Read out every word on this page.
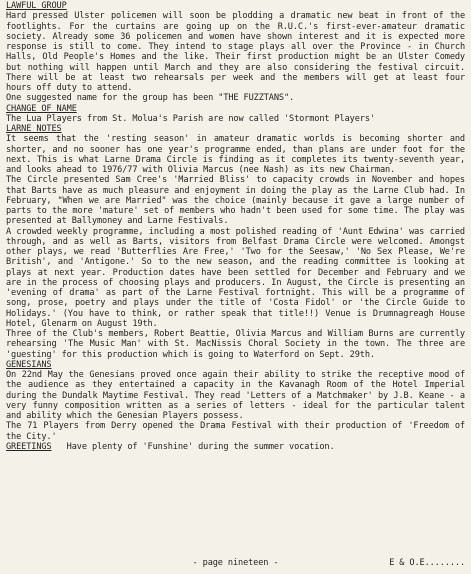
LAWFUL GROUP

Hard pressed Ulster policemen will soon be plodding a dramatic new beat in front of the footlights. For the curtains are going up on the R.U.C.'s first-ever-amateur dramatic society. Already some 36 policemen and women have shown interest and it is expected more response is still to come. They intend to stage plays all over the Province - in Church Halls, Old People's Homes and the like. Their first production might be an Ulster Comedy but nothing will happen until March and they are also considering the festival circuit. There will be at least two rehearsals per week and the members will get at least four hours off duty to attend.

One suggested name for the group has been "THE FUZZTANS".

CHANGE OF NAME

The Lua Players from St. Molua's Parish are now called 'Stormont Players'

LARNE NOTES

It seems that the 'resting season' in amateur dramatic worlds is becoming shorter and shorter, and no sooner has one year's programme ended, than plans are under foot for the next. This is what Larne Drama Circle is finding as it completes its twenty-seventh year, and looks ahead to 1976/77 with Olivia Marcus (nee Nash) as its new Chairman.

The Circle presented Sam Cree's 'Married Bliss' to capacity crowds in November and hopes that Barts have as much pleasure and enjoyment in doing the play as the Larne Club had. In February, "When we are Married" was the choice (mainly because it gave a large number of parts to the more 'mature' set of members who hadn't been used for some time. The play was presented at Ballymoney and Larne Festivals.

A crowded weekly programme, including a most polished reading of 'Aunt Edwina' was carried through, and as well as Barts, visitors from Belfast Drama Circle were welcomed. Amongst other plays, we read 'Butterflies Are Free,' 'Two for the Seesaw,' 'No Sex Please, We're British', and 'Antigone.' So to the new season, and the reading committee is looking at plays at next year. Production dates have been settled for December and February and we are in the process of choosing plays and producers. In August, the Circle is presenting an 'evening of drama' as part of the Larne Festival fortnight. This will be a programme of song, prose, poetry and plays under the title of 'Costa Fidol' or 'the Circle Guide to Holidays.' (You have to think, or rather speak that title!!) Venue is Drumnagreagh House Hotel, Glenarm on August 19th.

Three of the Club's members, Robert Beattie, Olivia Marcus and William Burns are currently rehearsing 'The Music Man' with St. MacNissis Choral Society in the town. The three are 'guesting' for this production which is going to Waterford on Sept. 29th.

GENESIANS

On 22nd May the Genesians proved once again their ability to strike the receptive mood of the audience as they entertained a capacity in the Kavanagh Room of the Hotel Imperial during the Dundalk Maytime Festival. They read 'Letters of a Matchmaker' by J.B. Keane - a very funny composition written as a series of letters - ideal for the particular talent and ability which the Genesian Players possess.

The 71 Players from Derry opened the Drama Festival with their production of 'Freedom of the City.'

GREETINGS Have plenty of 'Funshine' during the summer vocation.
- page nineteen -	E & O.E........
